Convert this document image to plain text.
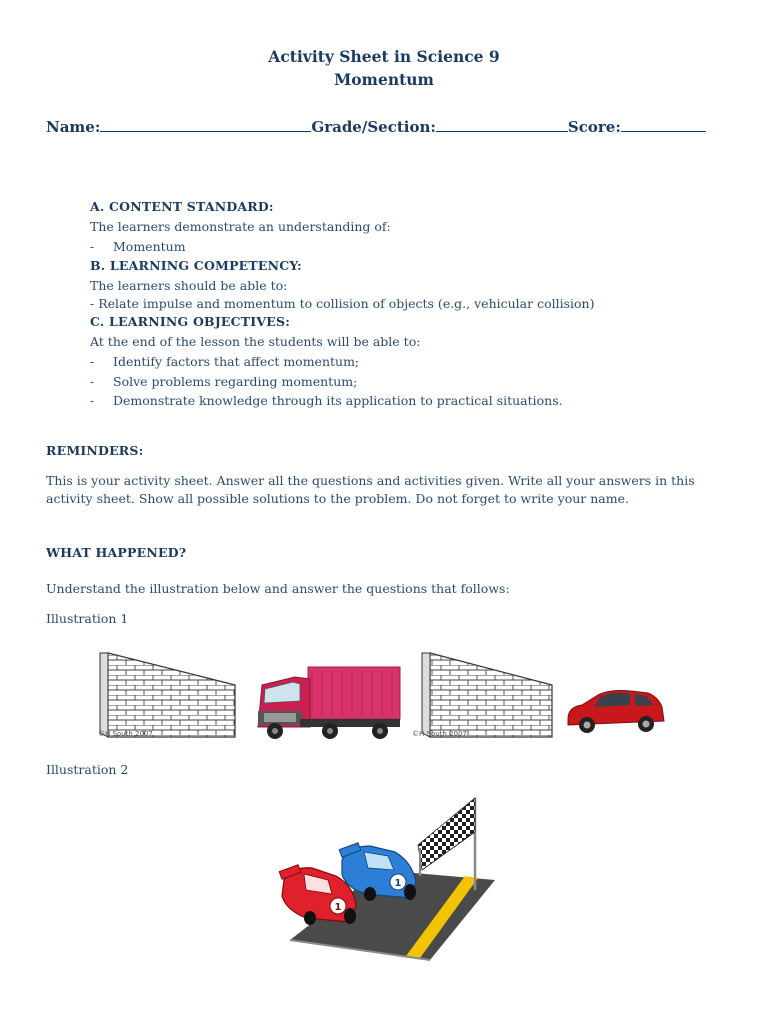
Activity Sheet in Science 9
Momentum
Name:	Grade/Section:	Score:
A. CONTENT STANDARD:
The learners demonstrate an understanding of:
- Momentum
B. LEARNING COMPETENCY:
The learners should be able to:
- Relate impulse and momentum to collision of objects (e.g., vehicular collision)
C. LEARNING OBJECTIVES:
At the end of the lesson the students will be able to:
- Identify factors that affect momentum;
- Solve problems regarding momentum;
- Demonstrate knowledge through its application to practical situations.
REMINDERS:
This is your activity sheet. Answer all the questions and activities given. Write all your answers in this activity sheet. Show all possible solutions to the problem. Do not forget to write your name.
WHAT HAPPENED?
Understand the illustration below and answer the questions that follows:
Illustration 1
©H South 2007	©H South 2007
Illustration 2
1
1
